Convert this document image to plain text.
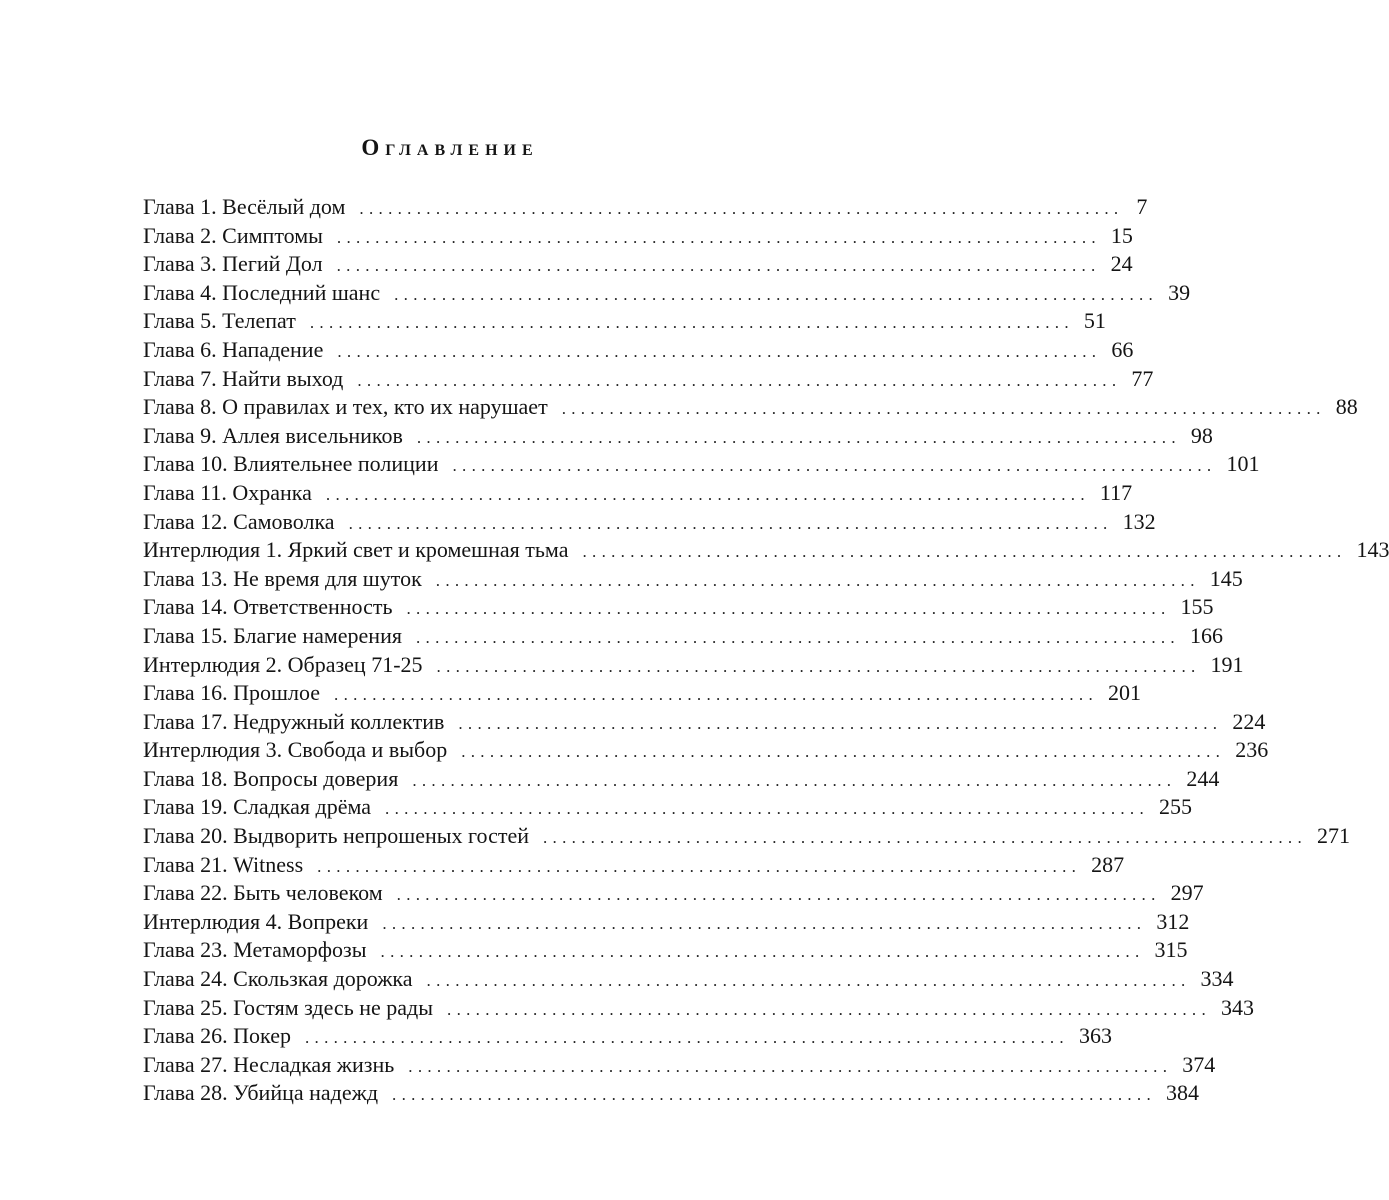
Оглавление
Глава 1. Весёлый дом ................................................................................ 7
Глава 2. Симптомы ................................................................................ 15
Глава 3. Пегий Дол ................................................................................ 24
Глава 4. Последний шанс ................................................................................ 39
Глава 5. Телепат ................................................................................ 51
Глава 6. Нападение ................................................................................ 66
Глава 7. Найти выход ................................................................................ 77
Глава 8. О правилах и тех, кто их нарушает ................................................................................ 88
Глава 9. Аллея висельников ................................................................................ 98
Глава 10. Влиятельнее полиции ................................................................................ 101
Глава 11. Охранка ................................................................................ 117
Глава 12. Самоволка ................................................................................ 132
Интерлюдия 1. Яркий свет и кромешная тьма ................................................................................ 143
Глава 13. Не время для шуток ................................................................................ 145
Глава 14. Ответственность ................................................................................ 155
Глава 15. Благие намерения ................................................................................ 166
Интерлюдия 2. Образец 71-25 ................................................................................ 191
Глава 16. Прошлое ................................................................................ 201
Глава 17. Недружный коллектив ................................................................................ 224
Интерлюдия 3. Свобода и выбор ................................................................................ 236
Глава 18. Вопросы доверия ................................................................................ 244
Глава 19. Сладкая дрёма ................................................................................ 255
Глава 20. Выдворить непрошеных гостей ................................................................................ 271
Глава 21. Witness ................................................................................ 287
Глава 22. Быть человеком ................................................................................ 297
Интерлюдия 4. Вопреки ................................................................................ 312
Глава 23. Метаморфозы ................................................................................ 315
Глава 24. Скользкая дорожка ................................................................................ 334
Глава 25. Гостям здесь не рады ................................................................................ 343
Глава 26. Покер ................................................................................ 363
Глава 27. Несладкая жизнь ................................................................................ 374
Глава 28. Убийца надежд ................................................................................ 384
